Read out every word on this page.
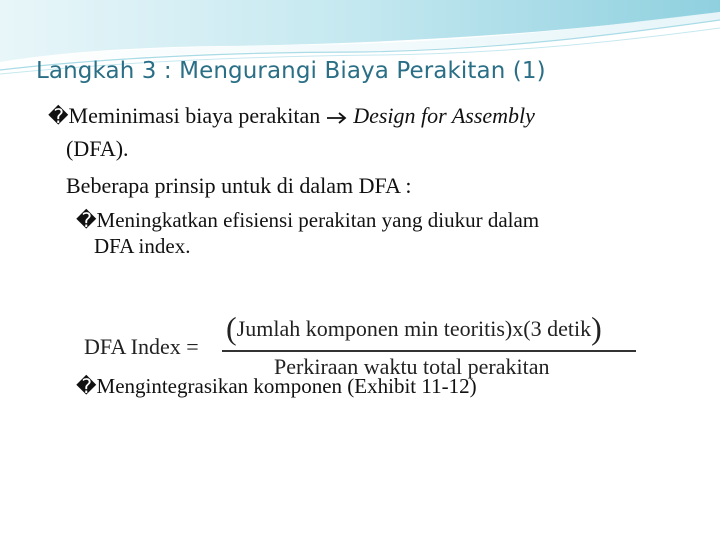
Langkah 3 : Mengurangi Biaya Perakitan (1)
�Meminimasi biaya perakitan Design for Assembly
(DFA).
Beberapa prinsip untuk di dalam DFA :
�Meningkatkan efisiensi perakitan yang diukur dalam
DFA index.
DFA Index =
(Jumlah komponen min teoritis)x(3 detik)
Perkiraan waktu total perakitan
�Mengintegrasikan komponen (Exhibit 11-12)
